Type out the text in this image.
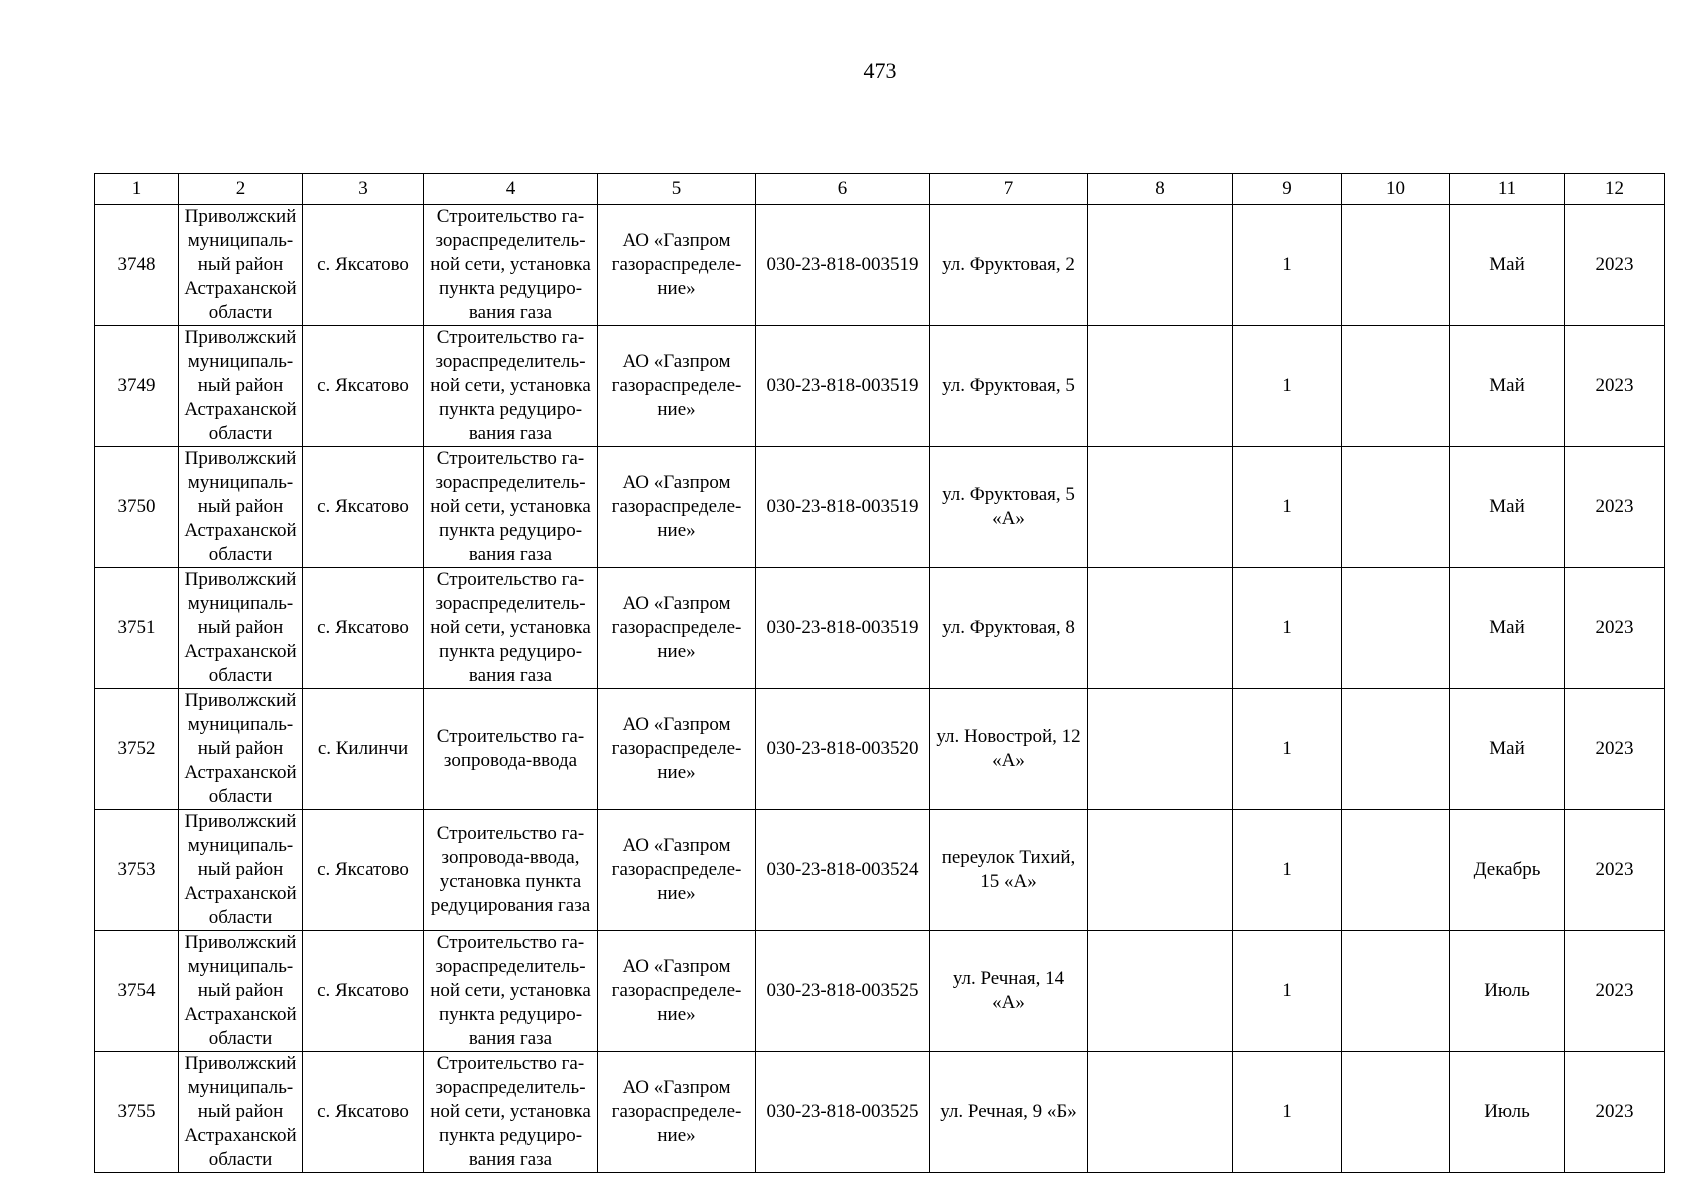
473
1	2	3	4	5	6	7	8	9	10	11	12
3748	Приволжский
муниципаль-
ный район
Астраханской
области	с. Яксатово	Строительство га-
зораспределитель-
ной сети, установка
пункта редуциро-
вания газа	АО «Газпром
газораспределе-
ние»	030-23-818-003519	ул. Фруктовая, 2		1		Май	2023
3749	Приволжский
муниципаль-
ный район
Астраханской
области	с. Яксатово	Строительство га-
зораспределитель-
ной сети, установка
пункта редуциро-
вания газа	АО «Газпром
газораспределе-
ние»	030-23-818-003519	ул. Фруктовая, 5		1		Май	2023
3750	Приволжский
муниципаль-
ный район
Астраханской
области	с. Яксатово	Строительство га-
зораспределитель-
ной сети, установка
пункта редуциро-
вания газа	АО «Газпром
газораспределе-
ние»	030-23-818-003519	ул. Фруктовая, 5
«А»		1		Май	2023
3751	Приволжский
муниципаль-
ный район
Астраханской
области	с. Яксатово	Строительство га-
зораспределитель-
ной сети, установка
пункта редуциро-
вания газа	АО «Газпром
газораспределе-
ние»	030-23-818-003519	ул. Фруктовая, 8		1		Май	2023
3752	Приволжский
муниципаль-
ный район
Астраханской
области	с. Килинчи	Строительство га-
зопровода-ввода	АО «Газпром
газораспределе-
ние»	030-23-818-003520	ул. Новострой, 12
«А»		1		Май	2023
3753	Приволжский
муниципаль-
ный район
Астраханской
области	с. Яксатово	Строительство га-
зопровода-ввода,
установка пункта
редуцирования газа	АО «Газпром
газораспределе-
ние»	030-23-818-003524	переулок Тихий,
15 «А»		1		Декабрь	2023
3754	Приволжский
муниципаль-
ный район
Астраханской
области	с. Яксатово	Строительство га-
зораспределитель-
ной сети, установка
пункта редуциро-
вания газа	АО «Газпром
газораспределе-
ние»	030-23-818-003525	ул. Речная, 14
«А»		1		Июль	2023
3755	Приволжский
муниципаль-
ный район
Астраханской
области	с. Яксатово	Строительство га-
зораспределитель-
ной сети, установка
пункта редуциро-
вания газа	АО «Газпром
газораспределе-
ние»	030-23-818-003525	ул. Речная, 9 «Б»		1		Июль	2023
